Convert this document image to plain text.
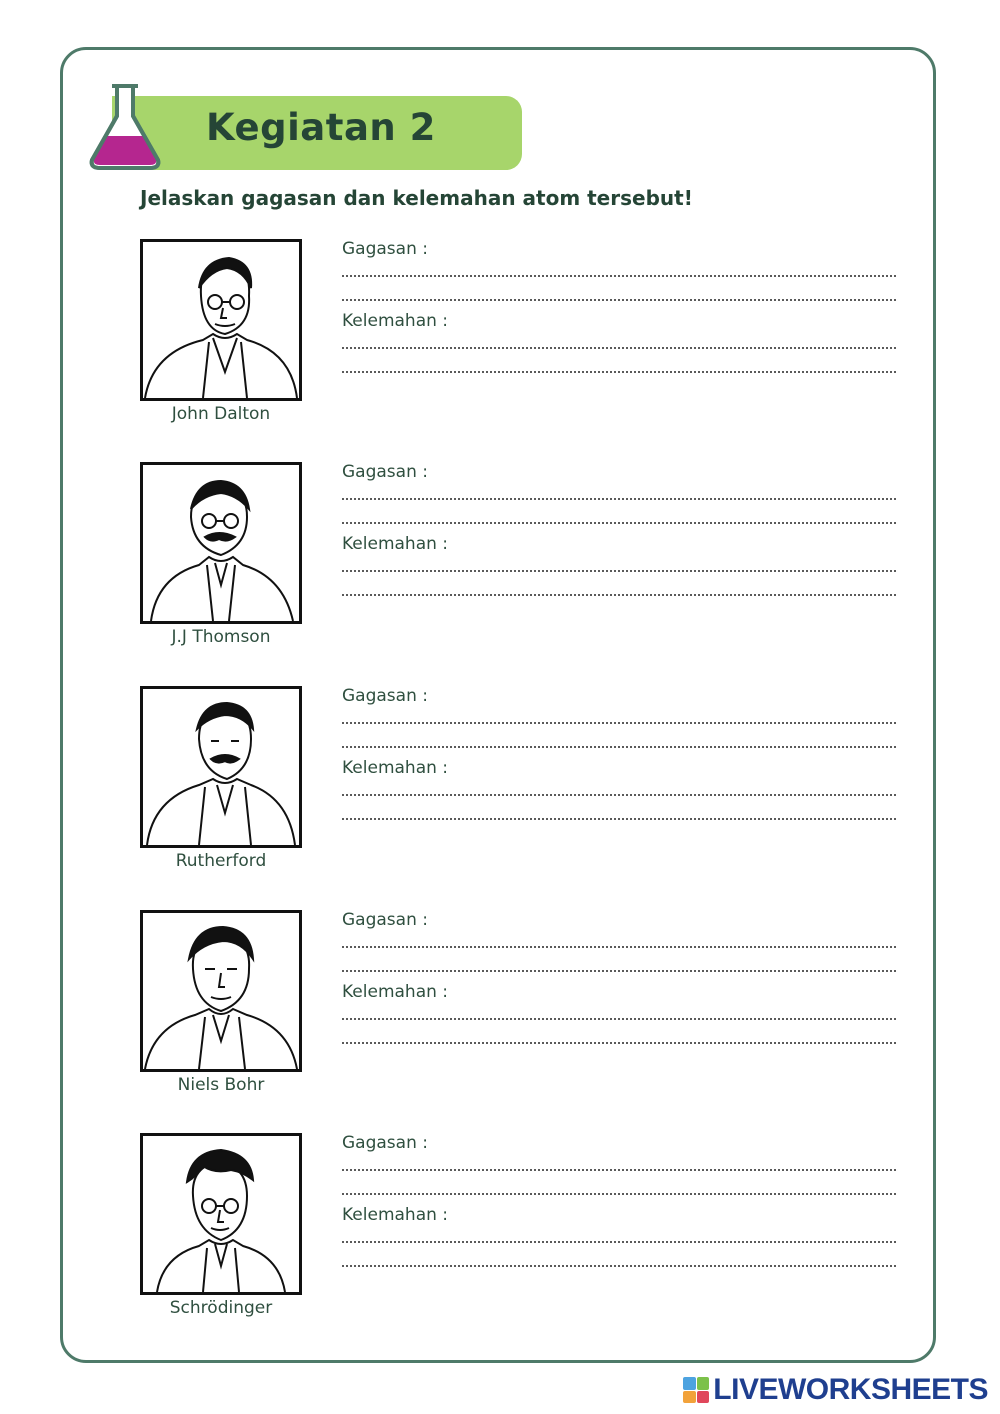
Kegiatan 2
Jelaskan gagasan dan kelemahan atom tersebut!
John Dalton
Gagasan :
Kelemahan :
J.J Thomson
Gagasan :
Kelemahan :
Rutherford
Gagasan :
Kelemahan :
Niels Bohr
Gagasan :
Kelemahan :
Schrödinger
Gagasan :
Kelemahan :
LIVEWORKSHEETS
